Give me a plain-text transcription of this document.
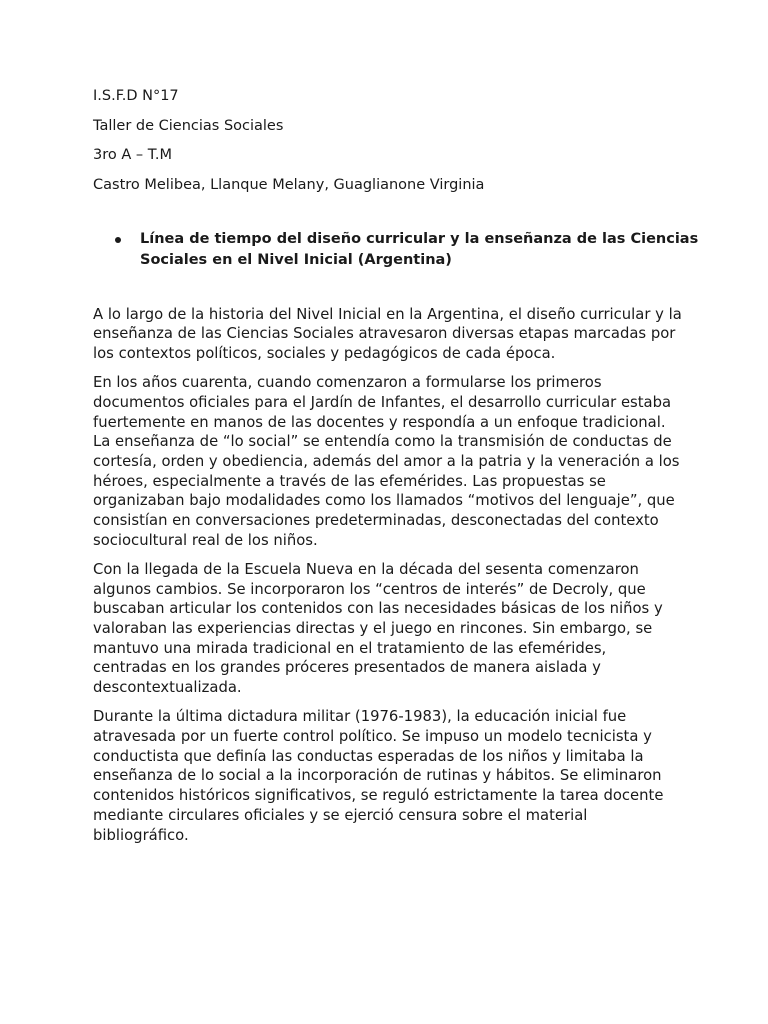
I.S.F.D N°17

Taller de Ciencias Sociales

3ro A – T.M

Castro Melibea, Llanque Melany, Guaglianone Virginia

Línea de tiempo del diseño curricular y la enseñanza de las Ciencias Sociales en el Nivel Inicial (Argentina)

A lo largo de la historia del Nivel Inicial en la Argentina, el diseño curricular y la enseñanza de las Ciencias Sociales atravesaron diversas etapas marcadas por los contextos políticos, sociales y pedagógicos de cada época.

En los años cuarenta, cuando comenzaron a formularse los primeros documentos oficiales para el Jardín de Infantes, el desarrollo curricular estaba fuertemente en manos de las docentes y respondía a un enfoque tradicional. La enseñanza de “lo social” se entendía como la transmisión de conductas de cortesía, orden y obediencia, además del amor a la patria y la veneración a los héroes, especialmente a través de las efemérides. Las propuestas se organizaban bajo modalidades como los llamados “motivos del lenguaje”, que consistían en conversaciones predeterminadas, desconectadas del contexto sociocultural real de los niños.

Con la llegada de la Escuela Nueva en la década del sesenta comenzaron algunos cambios. Se incorporaron los “centros de interés” de Decroly, que buscaban articular los contenidos con las necesidades básicas de los niños y valoraban las experiencias directas y el juego en rincones. Sin embargo, se mantuvo una mirada tradicional en el tratamiento de las efemérides, centradas en los grandes próceres presentados de manera aislada y descontextualizada.

Durante la última dictadura militar (1976-1983), la educación inicial fue atravesada por un fuerte control político. Se impuso un modelo tecnicista y conductista que definía las conductas esperadas de los niños y limitaba la enseñanza de lo social a la incorporación de rutinas y hábitos. Se eliminaron contenidos históricos significativos, se reguló estrictamente la tarea docente mediante circulares oficiales y se ejerció censura sobre el material bibliográfico.
